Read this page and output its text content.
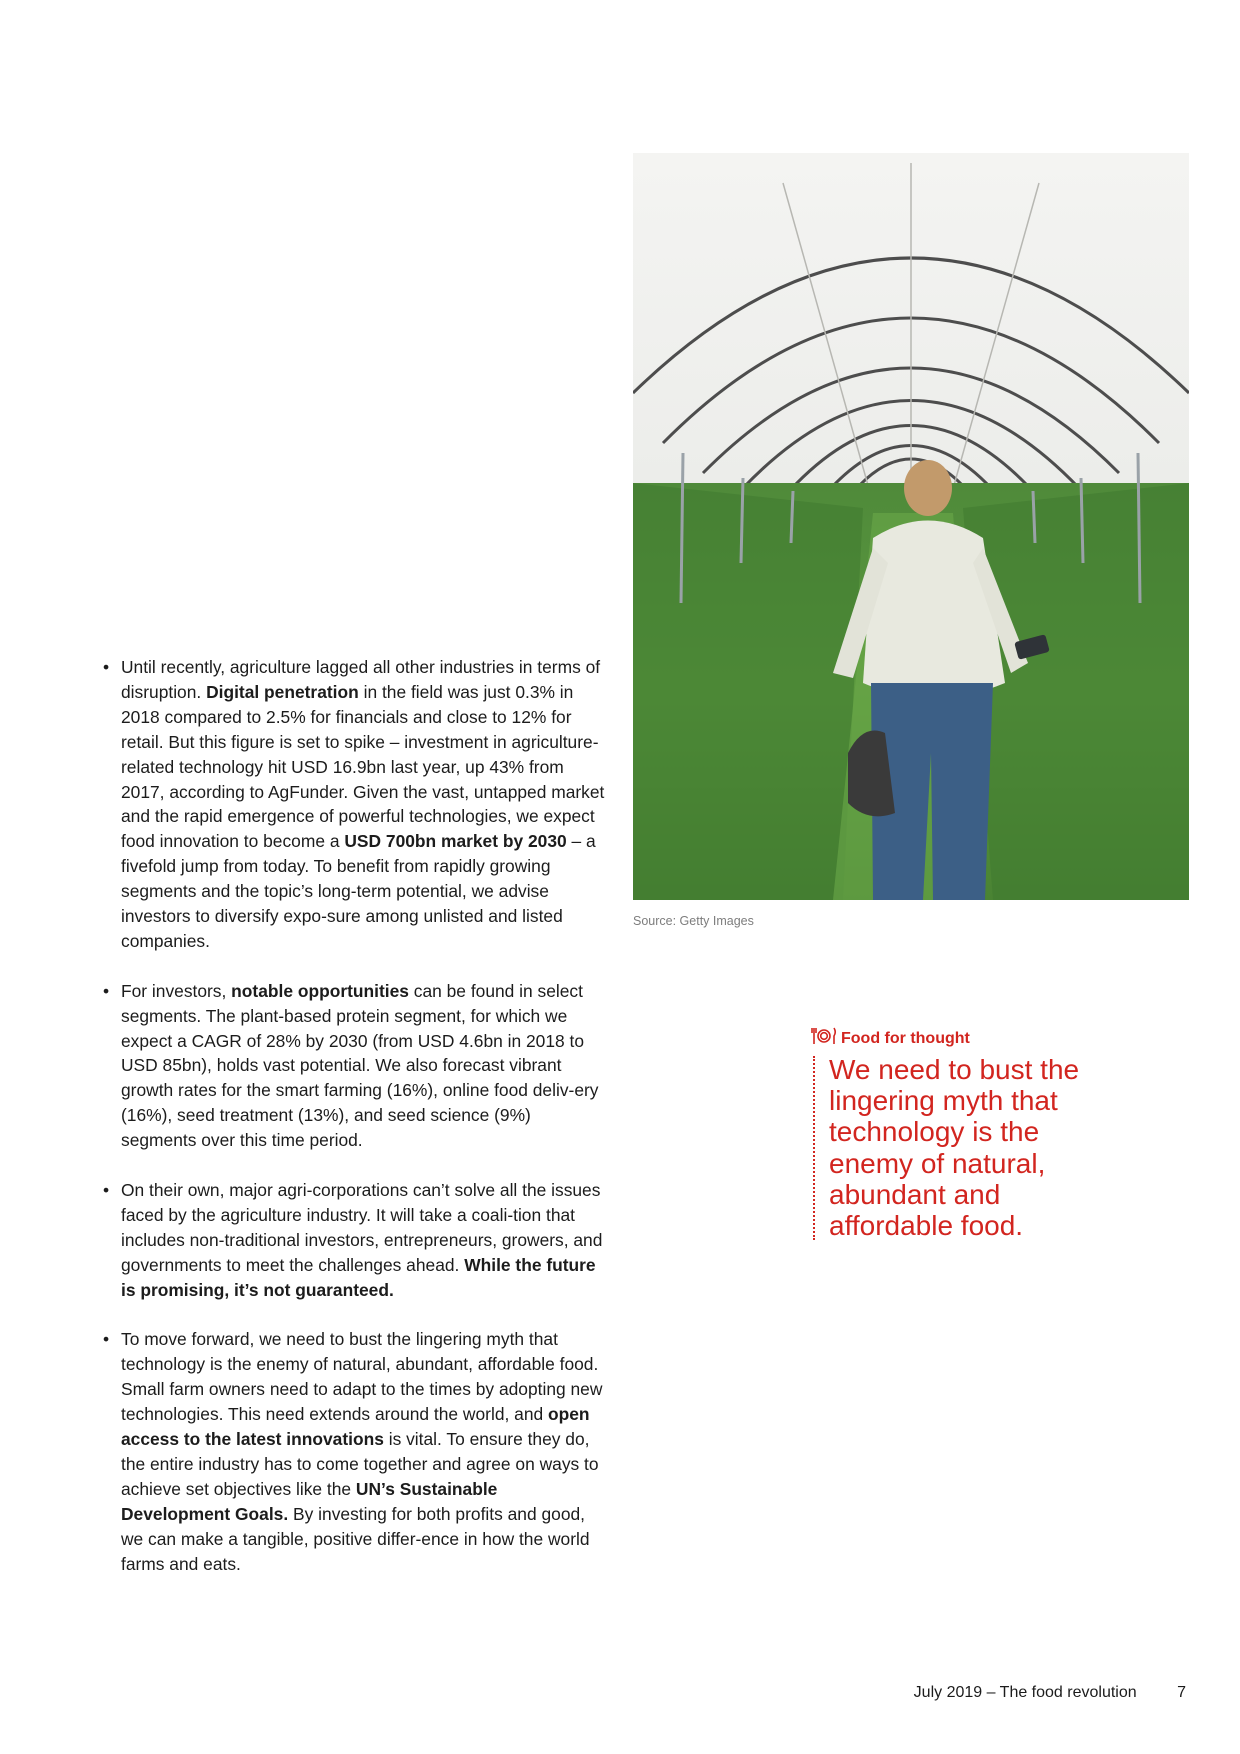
• Until recently, agriculture lagged all other industries in terms of disruption. Digital penetration in the field was just 0.3% in 2018 compared to 2.5% for financials and close to 12% for retail. But this figure is set to spike – investment in agriculture-related technology hit USD 16.9bn last year, up 43% from 2017, according to AgFunder. Given the vast, untapped market and the rapid emergence of powerful technologies, we expect food innovation to become a USD 700bn market by 2030 – a fivefold jump from today. To benefit from rapidly growing segments and the topic’s long-term potential, we advise investors to diversify expo-sure among unlisted and listed companies.
• For investors, notable opportunities can be found in select segments. The plant-based protein segment, for which we expect a CAGR of 28% by 2030 (from USD 4.6bn in 2018 to USD 85bn), holds vast potential. We also forecast vibrant growth rates for the smart farming (16%), online food deliv-ery (16%), seed treatment (13%), and seed science (9%) segments over this time period.
• On their own, major agri-corporations can’t solve all the issues faced by the agriculture industry. It will take a coali-tion that includes non-traditional investors, entrepreneurs, growers, and governments to meet the challenges ahead. While the future is promising, it’s not guaranteed.
• To move forward, we need to bust the lingering myth that technology is the enemy of natural, abundant, affordable food. Small farm owners need to adapt to the times by adopting new technologies. This need extends around the world, and open access to the latest innovations is vital. To ensure they do, the entire industry has to come together and agree on ways to achieve set objectives like the UN’s Sustainable Development Goals. By investing for both profits and good, we can make a tangible, positive differ-ence in how the world farms and eats.
Source: Getty Images
Food for thought
We need to bust the lingering myth that technology is the enemy of natural, abundant and affordable food.
July 2019 – The food revolution	7
